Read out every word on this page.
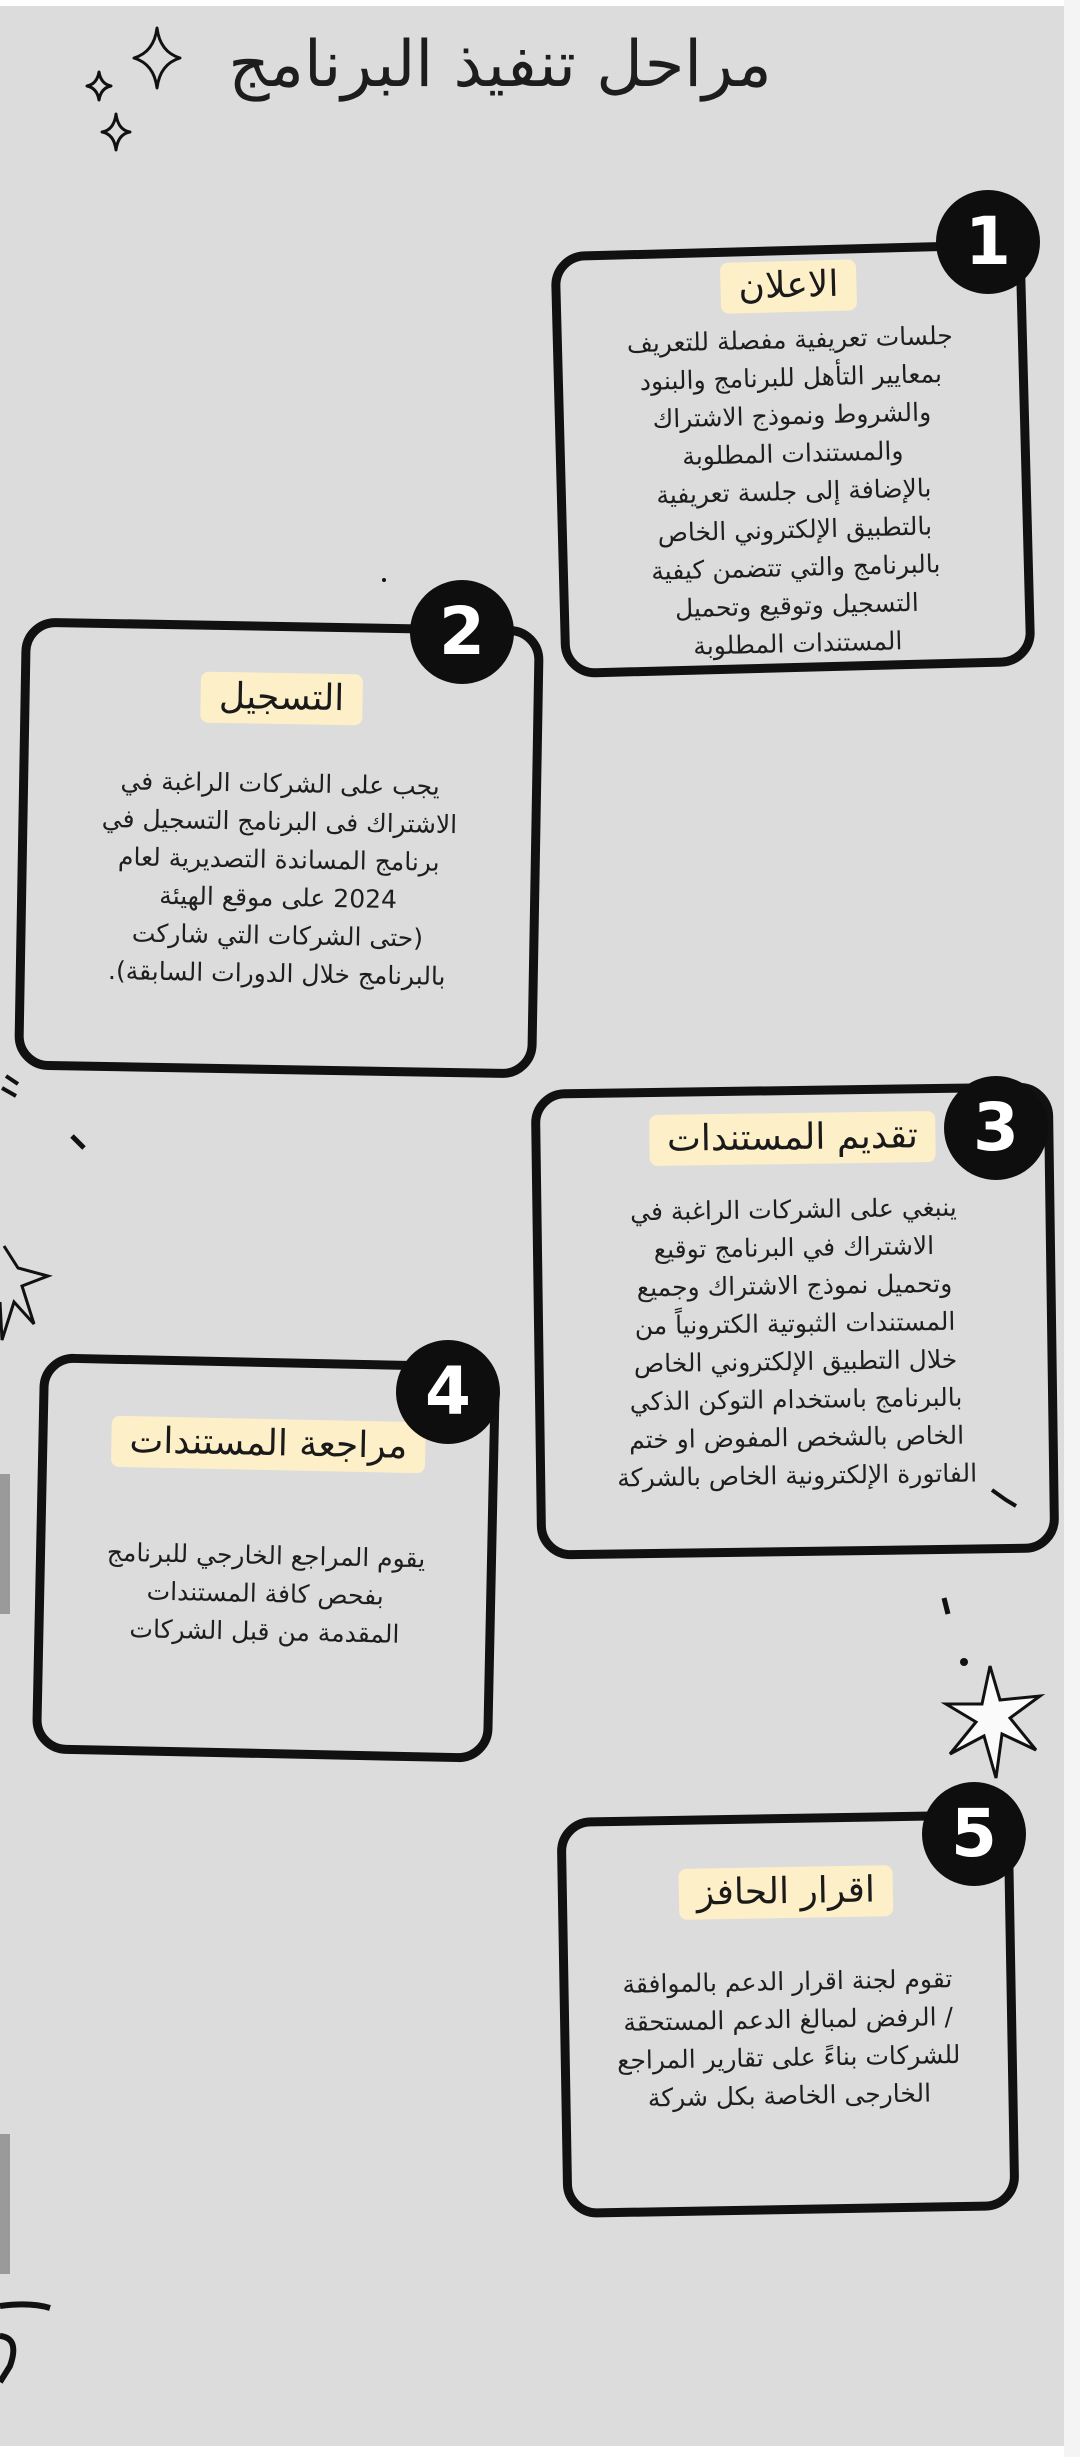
مراحل تنفيذ البرنامج
الاعلان
جلسات تعريفية مفصلة للتعريف
بمعايير التأهل للبرنامج والبنود
والشروط ونموذج الاشتراك
والمستندات المطلوبة
بالإضافة إلى جلسة تعريفية
بالتطبيق الإلكتروني الخاص
بالبرنامج والتي تتضمن كيفية
التسجيل وتوقيع وتحميل
المستندات المطلوبة
1
التسجيل
يجب على الشركات الراغبة في
الاشتراك فى البرنامج التسجيل في
برنامج المساندة التصديرية لعام
2024 على موقع الهيئة
(حتى الشركات التي شاركت
بالبرنامج خلال الدورات السابقة).
2
تقديم المستندات
ينبغي على الشركات الراغبة في
الاشتراك في البرنامج توقيع
وتحميل نموذج الاشتراك وجميع
المستندات الثبوتية الكترونياً من
خلال التطبيق الإلكتروني الخاص
بالبرنامج باستخدام التوكن الذكي
الخاص بالشخص المفوض او ختم
الفاتورة الإلكترونية الخاص بالشركة
3
مراجعة المستندات
يقوم المراجع الخارجي للبرنامج
بفحص كافة المستندات
المقدمة من قبل الشركات
4
اقرار الحافز
تقوم لجنة اقرار الدعم بالموافقة
/ الرفض لمبالغ الدعم المستحقة
للشركات بناءً على تقارير المراجع
الخارجى الخاصة بكل شركة
5
